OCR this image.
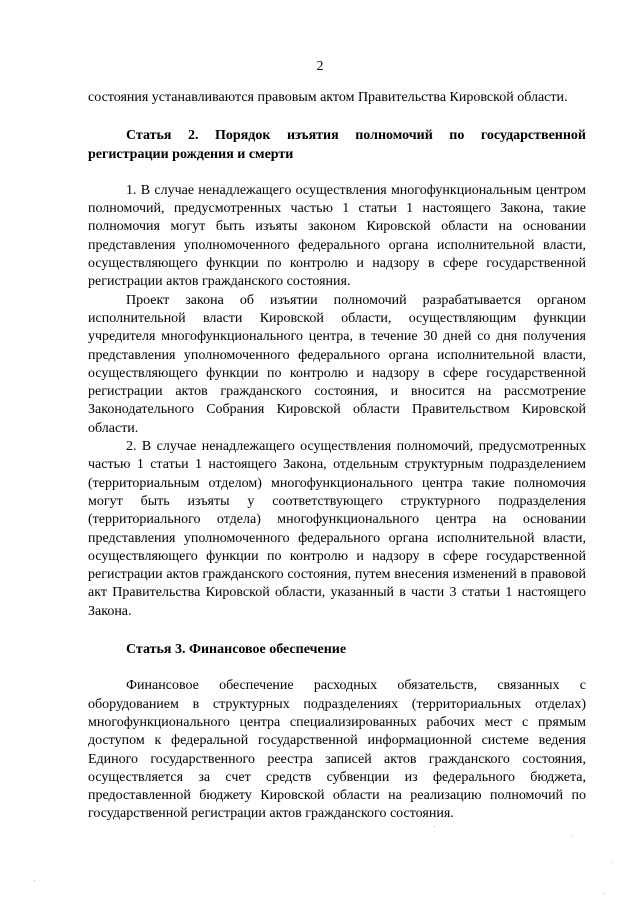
2

состояния устанавливаются правовым актом Правительства Кировской области.

Статья 2. Порядок изъятия полномочий по государственной регистрации рождения и смерти

1. В случае ненадлежащего осуществления многофункциональным центром полномочий, предусмотренных частью 1 статьи 1 настоящего Закона, такие полномочия могут быть изъяты законом Кировской области на основании представления уполномоченного федерального органа исполнительной власти, осуществляющего функции по контролю и надзору в сфере государственной регистрации актов гражданского состояния.

Проект закона об изъятии полномочий разрабатывается органом исполнительной власти Кировской области, осуществляющим функции учредителя многофункционального центра, в течение 30 дней со дня получения представления уполномоченного федерального органа исполнительной власти, осуществляющего функции по контролю и надзору в сфере государственной регистрации актов гражданского состояния, и вносится на рассмотрение Законодательного Собрания Кировской области Правительством Кировской области.

2. В случае ненадлежащего осуществления полномочий, предусмотренных частью 1 статьи 1 настоящего Закона, отдельным структурным подразделением (территориальным отделом) многофункционального центра такие полномочия могут быть изъяты у соответствующего структурного подразделения (территориального отдела) многофункционального центра на основании представления уполномоченного федерального органа исполнительной власти, осуществляющего функции по контролю и надзору в сфере государственной регистрации актов гражданского состояния, путем внесения изменений в правовой акт Правительства Кировской области, указанный в части 3 статьи 1 настоящего Закона.

Статья 3. Финансовое обеспечение

Финансовое обеспечение расходных обязательств, связанных с оборудованием в структурных подразделениях (территориальных отделах) многофункционального центра специализированных рабочих мест с прямым доступом к федеральной государственной информационной системе ведения Единого государственного реестра записей актов гражданского состояния, осуществляется за счет средств субвенции из федерального бюджета, предоставленной бюджету Кировской области на реализацию полномочий по государственной регистрации актов гражданского состояния.
